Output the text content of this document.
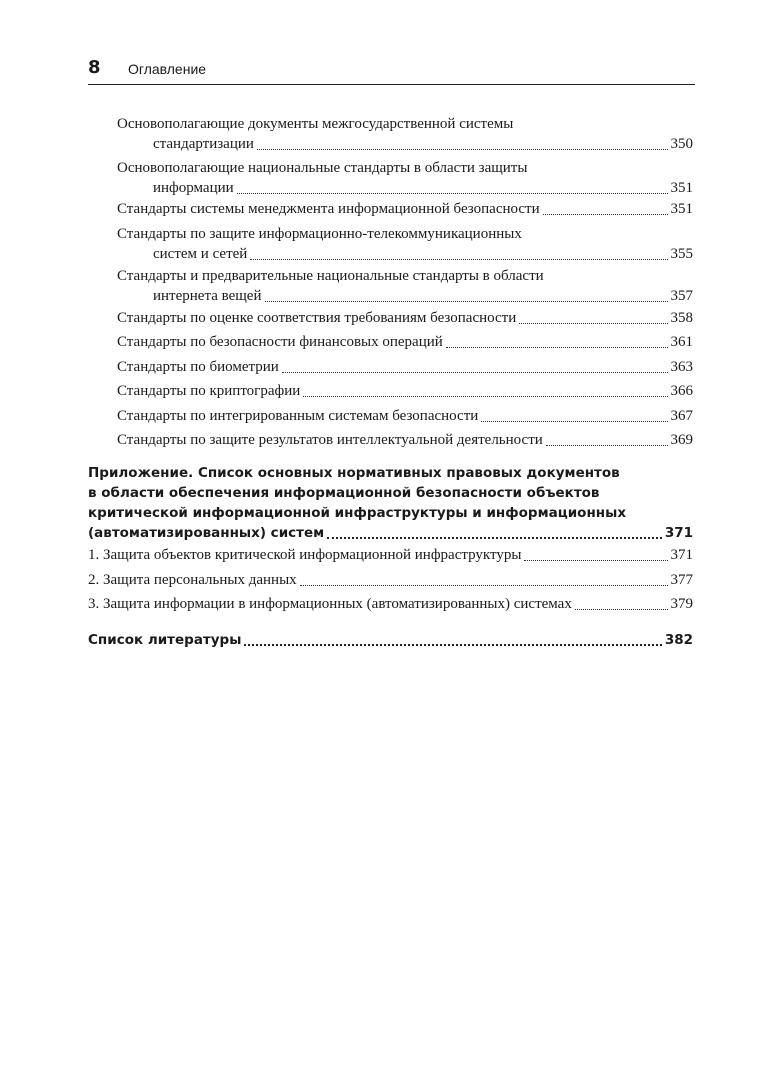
8 Оглавление
Основополагающие документы межгосударственной системы
стандартизации	350
Основополагающие национальные стандарты в области защиты
информации	351
Стандарты системы менеджмента информационной безопасности	351
Стандарты по защите информационно-телекоммуникационных
систем и сетей	355
Стандарты и предварительные национальные стандарты в области
интернета вещей	357
Стандарты по оценке соответствия требованиям безопасности	358
Стандарты по безопасности финансовых операций	361
Стандарты по биометрии	363
Стандарты по криптографии	366
Стандарты по интегрированным системам безопасности	367
Стандарты по защите результатов интеллектуальной деятельности	369
Приложение. Список основных нормативных правовых документов
в области обеспечения информационной безопасности объектов
критической информационной инфраструктуры и информационных
(автоматизированных) систем	371
1. Защита объектов критической информационной инфраструктуры	371
2. Защита персональных данных	377
3. Защита информации в информационных (автоматизированных) системах	379
Список литературы	382
